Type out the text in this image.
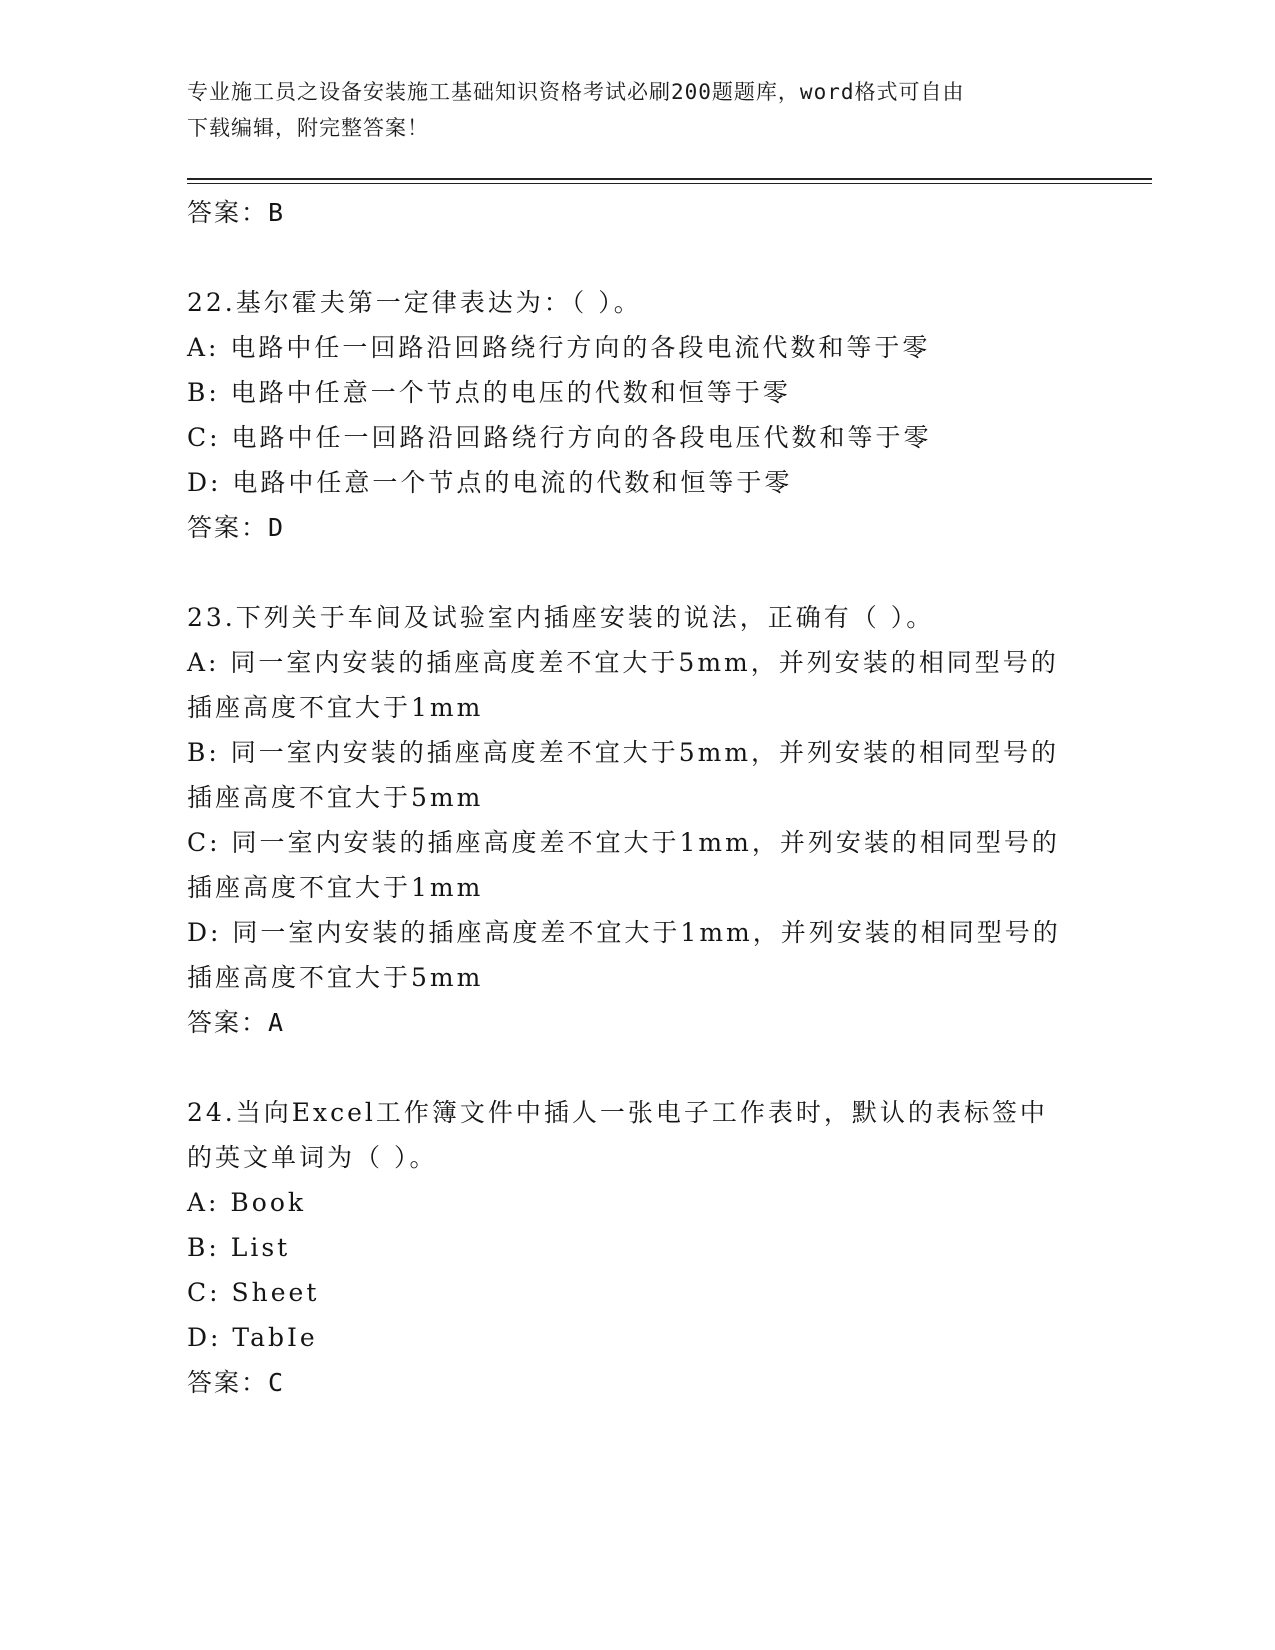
专业施工员之设备安装施工基础知识资格考试必刷200题题库，word格式可自由
下载编辑，附完整答案！
答案：B
22.基尔霍夫第一定律表达为：（ ）。
A: 电路中任一回路沿回路绕行方向的各段电流代数和等于零
B: 电路中任意一个节点的电压的代数和恒等于零
C: 电路中任一回路沿回路绕行方向的各段电压代数和等于零
D: 电路中任意一个节点的电流的代数和恒等于零
答案：D
23.下列关于车间及试验室内插座安装的说法，正确有（ ）。
A: 同一室内安装的插座高度差不宜大于5mm，并列安装的相同型号的
插座高度不宜大于1mm
B: 同一室内安装的插座高度差不宜大于5mm，并列安装的相同型号的
插座高度不宜大于5mm
C: 同一室内安装的插座高度差不宜大于1mm，并列安装的相同型号的
插座高度不宜大于1mm
D: 同一室内安装的插座高度差不宜大于1mm，并列安装的相同型号的
插座高度不宜大于5mm
答案：A
24.当向Excel工作簿文件中插人一张电子工作表时，默认的表标签中
的英文单词为（ ）。
A: Book
B: List
C: Sheet
D: TabIe
答案：C
